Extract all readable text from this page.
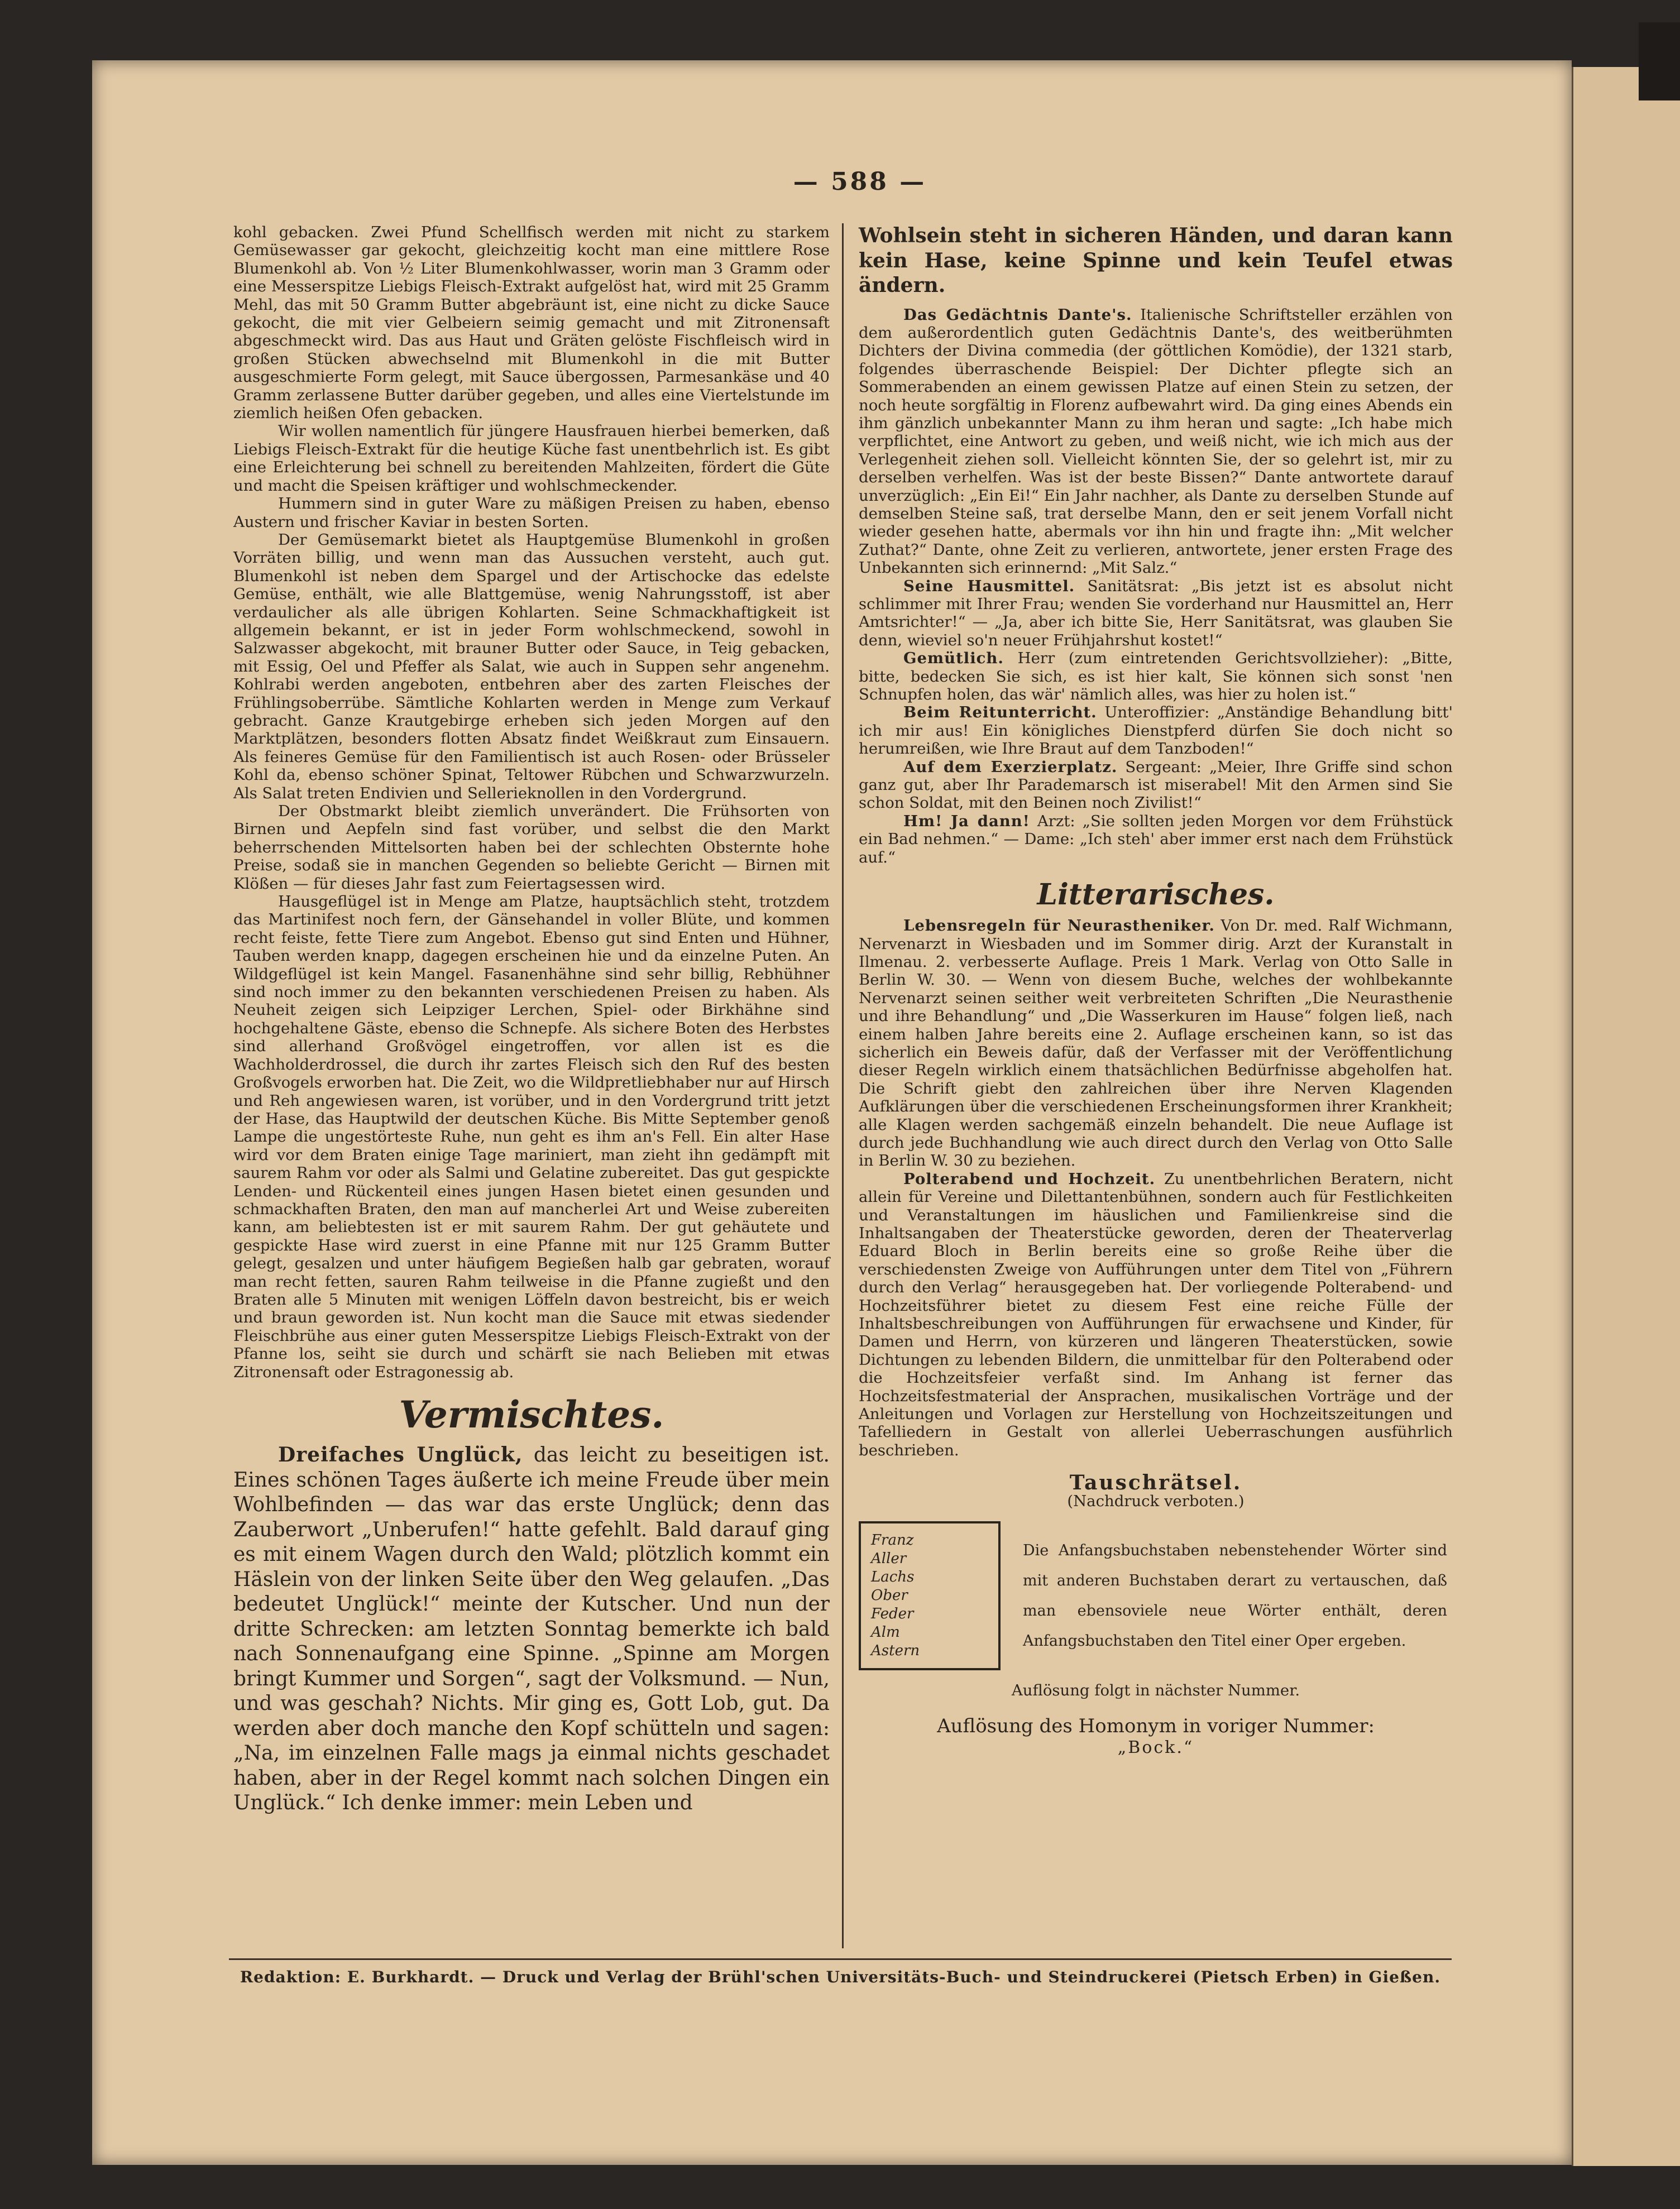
— 588 —

kohl gebacken. Zwei Pfund Schellfisch werden mit nicht zu starkem Gemüsewasser gar gekocht, gleichzeitig kocht man eine mittlere Rose Blumenkohl ab. Von ½ Liter Blumenkohlwasser, worin man 3 Gramm oder eine Messerspitze Liebigs Fleisch-Extrakt aufgelöst hat, wird mit 25 Gramm Mehl, das mit 50 Gramm Butter abgebräunt ist, eine nicht zu dicke Sauce gekocht, die mit vier Gelbeiern seimig gemacht und mit Zitronensaft abgeschmeckt wird. Das aus Haut und Gräten gelöste Fischfleisch wird in großen Stücken abwechselnd mit Blumenkohl in die mit Butter ausgeschmierte Form gelegt, mit Sauce übergossen, Parmesankäse und 40 Gramm zerlassene Butter darüber gegeben, und alles eine Viertelstunde im ziemlich heißen Ofen gebacken.

Wir wollen namentlich für jüngere Hausfrauen hierbei bemerken, daß Liebigs Fleisch-Extrakt für die heutige Küche fast unentbehrlich ist. Es gibt eine Erleichterung bei schnell zu bereitenden Mahlzeiten, fördert die Güte und macht die Speisen kräftiger und wohlschmeckender.

Hummern sind in guter Ware zu mäßigen Preisen zu haben, ebenso Austern und frischer Kaviar in besten Sorten.

Der Gemüsemarkt bietet als Hauptgemüse Blumenkohl in großen Vorräten billig, und wenn man das Aussuchen versteht, auch gut. Blumenkohl ist neben dem Spargel und der Artischocke das edelste Gemüse, enthält, wie alle Blattgemüse, wenig Nahrungsstoff, ist aber verdaulicher als alle übrigen Kohlarten. Seine Schmackhaftigkeit ist allgemein bekannt, er ist in jeder Form wohlschmeckend, sowohl in Salzwasser abgekocht, mit brauner Butter oder Sauce, in Teig gebacken, mit Essig, Oel und Pfeffer als Salat, wie auch in Suppen sehr angenehm. Kohlrabi werden angeboten, entbehren aber des zarten Fleisches der Frühlingsoberrübe. Sämtliche Kohlarten werden in Menge zum Verkauf gebracht. Ganze Krautgebirge erheben sich jeden Morgen auf den Marktplätzen, besonders flotten Absatz findet Weißkraut zum Einsauern. Als feineres Gemüse für den Familientisch ist auch Rosen- oder Brüsseler Kohl da, ebenso schöner Spinat, Teltower Rübchen und Schwarzwurzeln. Als Salat treten Endivien und Sellerieknollen in den Vordergrund.

Der Obstmarkt bleibt ziemlich unverändert. Die Frühsorten von Birnen und Aepfeln sind fast vorüber, und selbst die den Markt beherrschenden Mittelsorten haben bei der schlechten Obsternte hohe Preise, sodaß sie in manchen Gegenden so beliebte Gericht — Birnen mit Klößen — für dieses Jahr fast zum Feiertagsessen wird.

Hausgeflügel ist in Menge am Platze, hauptsächlich steht, trotzdem das Martinifest noch fern, der Gänsehandel in voller Blüte, und kommen recht feiste, fette Tiere zum Angebot. Ebenso gut sind Enten und Hühner, Tauben werden knapp, dagegen erscheinen hie und da einzelne Puten. An Wildgeflügel ist kein Mangel. Fasanenhähne sind sehr billig, Rebhühner sind noch immer zu den bekannten verschiedenen Preisen zu haben. Als Neuheit zeigen sich Leipziger Lerchen, Spiel- oder Birkhähne sind hochgehaltene Gäste, ebenso die Schnepfe. Als sichere Boten des Herbstes sind allerhand Großvögel eingetroffen, vor allen ist es die Wachholderdrossel, die durch ihr zartes Fleisch sich den Ruf des besten Großvogels erworben hat. Die Zeit, wo die Wildpretliebhaber nur auf Hirsch und Reh angewiesen waren, ist vorüber, und in den Vordergrund tritt jetzt der Hase, das Hauptwild der deutschen Küche. Bis Mitte September genoß Lampe die ungestörteste Ruhe, nun geht es ihm an's Fell. Ein alter Hase wird vor dem Braten einige Tage mariniert, man zieht ihn gedämpft mit saurem Rahm vor oder als Salmi und Gelatine zubereitet. Das gut gespickte Lenden- und Rückenteil eines jungen Hasen bietet einen gesunden und schmackhaften Braten, den man auf mancherlei Art und Weise zubereiten kann, am beliebtesten ist er mit saurem Rahm. Der gut gehäutete und gespickte Hase wird zuerst in eine Pfanne mit nur 125 Gramm Butter gelegt, gesalzen und unter häufigem Begießen halb gar gebraten, worauf man recht fetten, sauren Rahm teilweise in die Pfanne zugießt und den Braten alle 5 Minuten mit wenigen Löffeln davon bestreicht, bis er weich und braun geworden ist. Nun kocht man die Sauce mit etwas siedender Fleischbrühe aus einer guten Messerspitze Liebigs Fleisch-Extrakt von der Pfanne los, seiht sie durch und schärft sie nach Belieben mit etwas Zitronensaft oder Estragonessig ab.

Vermischtes.

Dreifaches Unglück, das leicht zu beseitigen ist. Eines schönen Tages äußerte ich meine Freude über mein Wohlbefinden — das war das erste Unglück; denn das Zauberwort „Unberufen!“ hatte gefehlt. Bald darauf ging es mit einem Wagen durch den Wald; plötzlich kommt ein Häslein von der linken Seite über den Weg gelaufen. „Das bedeutet Unglück!“ meinte der Kutscher. Und nun der dritte Schrecken: am letzten Sonntag bemerkte ich bald nach Sonnenaufgang eine Spinne. „Spinne am Morgen bringt Kummer und Sorgen“, sagt der Volksmund. — Nun, und was geschah? Nichts. Mir ging es, Gott Lob, gut. Da werden aber doch manche den Kopf schütteln und sagen: „Na, im einzelnen Falle mags ja einmal nichts geschadet haben, aber in der Regel kommt nach solchen Dingen ein Unglück.“ Ich denke immer: mein Leben und

Wohlsein steht in sicheren Händen, und daran kann kein Hase, keine Spinne und kein Teufel etwas ändern.

Das Gedächtnis Dante's. Italienische Schriftsteller erzählen von dem außerordentlich guten Gedächtnis Dante's, des weitberühmten Dichters der Divina commedia (der göttlichen Komödie), der 1321 starb, folgendes überraschende Beispiel: Der Dichter pflegte sich an Sommerabenden an einem gewissen Platze auf einen Stein zu setzen, der noch heute sorgfältig in Florenz aufbewahrt wird. Da ging eines Abends ein ihm gänzlich unbekannter Mann zu ihm heran und sagte: „Ich habe mich verpflichtet, eine Antwort zu geben, und weiß nicht, wie ich mich aus der Verlegenheit ziehen soll. Vielleicht könnten Sie, der so gelehrt ist, mir zu derselben verhelfen. Was ist der beste Bissen?“ Dante antwortete darauf unverzüglich: „Ein Ei!“ Ein Jahr nachher, als Dante zu derselben Stunde auf demselben Steine saß, trat derselbe Mann, den er seit jenem Vorfall nicht wieder gesehen hatte, abermals vor ihn hin und fragte ihn: „Mit welcher Zuthat?“ Dante, ohne Zeit zu verlieren, antwortete, jener ersten Frage des Unbekannten sich erinnernd: „Mit Salz.“

Seine Hausmittel. Sanitätsrat: „Bis jetzt ist es absolut nicht schlimmer mit Ihrer Frau; wenden Sie vorderhand nur Hausmittel an, Herr Amtsrichter!“ — „Ja, aber ich bitte Sie, Herr Sanitätsrat, was glauben Sie denn, wieviel so'n neuer Frühjahrshut kostet!“

Gemütlich. Herr (zum eintretenden Gerichtsvollzieher): „Bitte, bitte, bedecken Sie sich, es ist hier kalt, Sie können sich sonst 'nen Schnupfen holen, das wär' nämlich alles, was hier zu holen ist.“

Beim Reitunterricht. Unteroffizier: „Anständige Behandlung bitt' ich mir aus! Ein königliches Dienstpferd dürfen Sie doch nicht so herumreißen, wie Ihre Braut auf dem Tanzboden!“

Auf dem Exerzierplatz. Sergeant: „Meier, Ihre Griffe sind schon ganz gut, aber Ihr Parademarsch ist miserabel! Mit den Armen sind Sie schon Soldat, mit den Beinen noch Zivilist!“

Hm! Ja dann! Arzt: „Sie sollten jeden Morgen vor dem Frühstück ein Bad nehmen.“ — Dame: „Ich steh' aber immer erst nach dem Frühstück auf.“

Litterarisches.

Lebensregeln für Neurastheniker. Von Dr. med. Ralf Wichmann, Nervenarzt in Wiesbaden und im Sommer dirig. Arzt der Kuranstalt in Ilmenau. 2. verbesserte Auflage. Preis 1 Mark. Verlag von Otto Salle in Berlin W. 30. — Wenn von diesem Buche, welches der wohlbekannte Nervenarzt seinen seither weit verbreiteten Schriften „Die Neurasthenie und ihre Behandlung“ und „Die Wasserkuren im Hause“ folgen ließ, nach einem halben Jahre bereits eine 2. Auflage erscheinen kann, so ist das sicherlich ein Beweis dafür, daß der Verfasser mit der Veröffentlichung dieser Regeln wirklich einem thatsächlichen Bedürfnisse abgeholfen hat. Die Schrift giebt den zahlreichen über ihre Nerven Klagenden Aufklärungen über die verschiedenen Erscheinungsformen ihrer Krankheit; alle Klagen werden sachgemäß einzeln behandelt. Die neue Auflage ist durch jede Buchhandlung wie auch direct durch den Verlag von Otto Salle in Berlin W. 30 zu beziehen.

Polterabend und Hochzeit. Zu unentbehrlichen Beratern, nicht allein für Vereine und Dilettantenbühnen, sondern auch für Festlichkeiten und Veranstaltungen im häuslichen und Familienkreise sind die Inhaltsangaben der Theaterstücke geworden, deren der Theaterverlag Eduard Bloch in Berlin bereits eine so große Reihe über die verschiedensten Zweige von Aufführungen unter dem Titel von „Führern durch den Verlag“ herausgegeben hat. Der vorliegende Polterabend- und Hochzeitsführer bietet zu diesem Fest eine reiche Fülle der Inhaltsbeschreibungen von Aufführungen für erwachsene und Kinder, für Damen und Herrn, von kürzeren und längeren Theaterstücken, sowie Dichtungen zu lebenden Bildern, die unmittelbar für den Polterabend oder die Hochzeitsfeier verfaßt sind. Im Anhang ist ferner das Hochzeitsfestmaterial der Ansprachen, musikalischen Vorträge und der Anleitungen und Vorlagen zur Herstellung von Hochzeitszeitungen und Tafelliedern in Gestalt von allerlei Ueberraschungen ausführlich beschrieben.

Tauschrätsel.
(Nachdruck verboten.)
Franz
Aller
Lachs
Ober
Feder
Alm
Astern
Die Anfangsbuchstaben nebenstehender Wörter sind mit anderen Buchstaben derart zu vertauschen, daß man ebensoviele neue Wörter enthält, deren Anfangsbuchstaben den Titel einer Oper ergeben.
Auflösung folgt in nächster Nummer.
Auflösung des Homonym in voriger Nummer:
„Bock.“
Redaktion: E. Burkhardt. — Druck und Verlag der Brühl'schen Universitäts-Buch- und Steindruckerei (Pietsch Erben) in Gießen.
